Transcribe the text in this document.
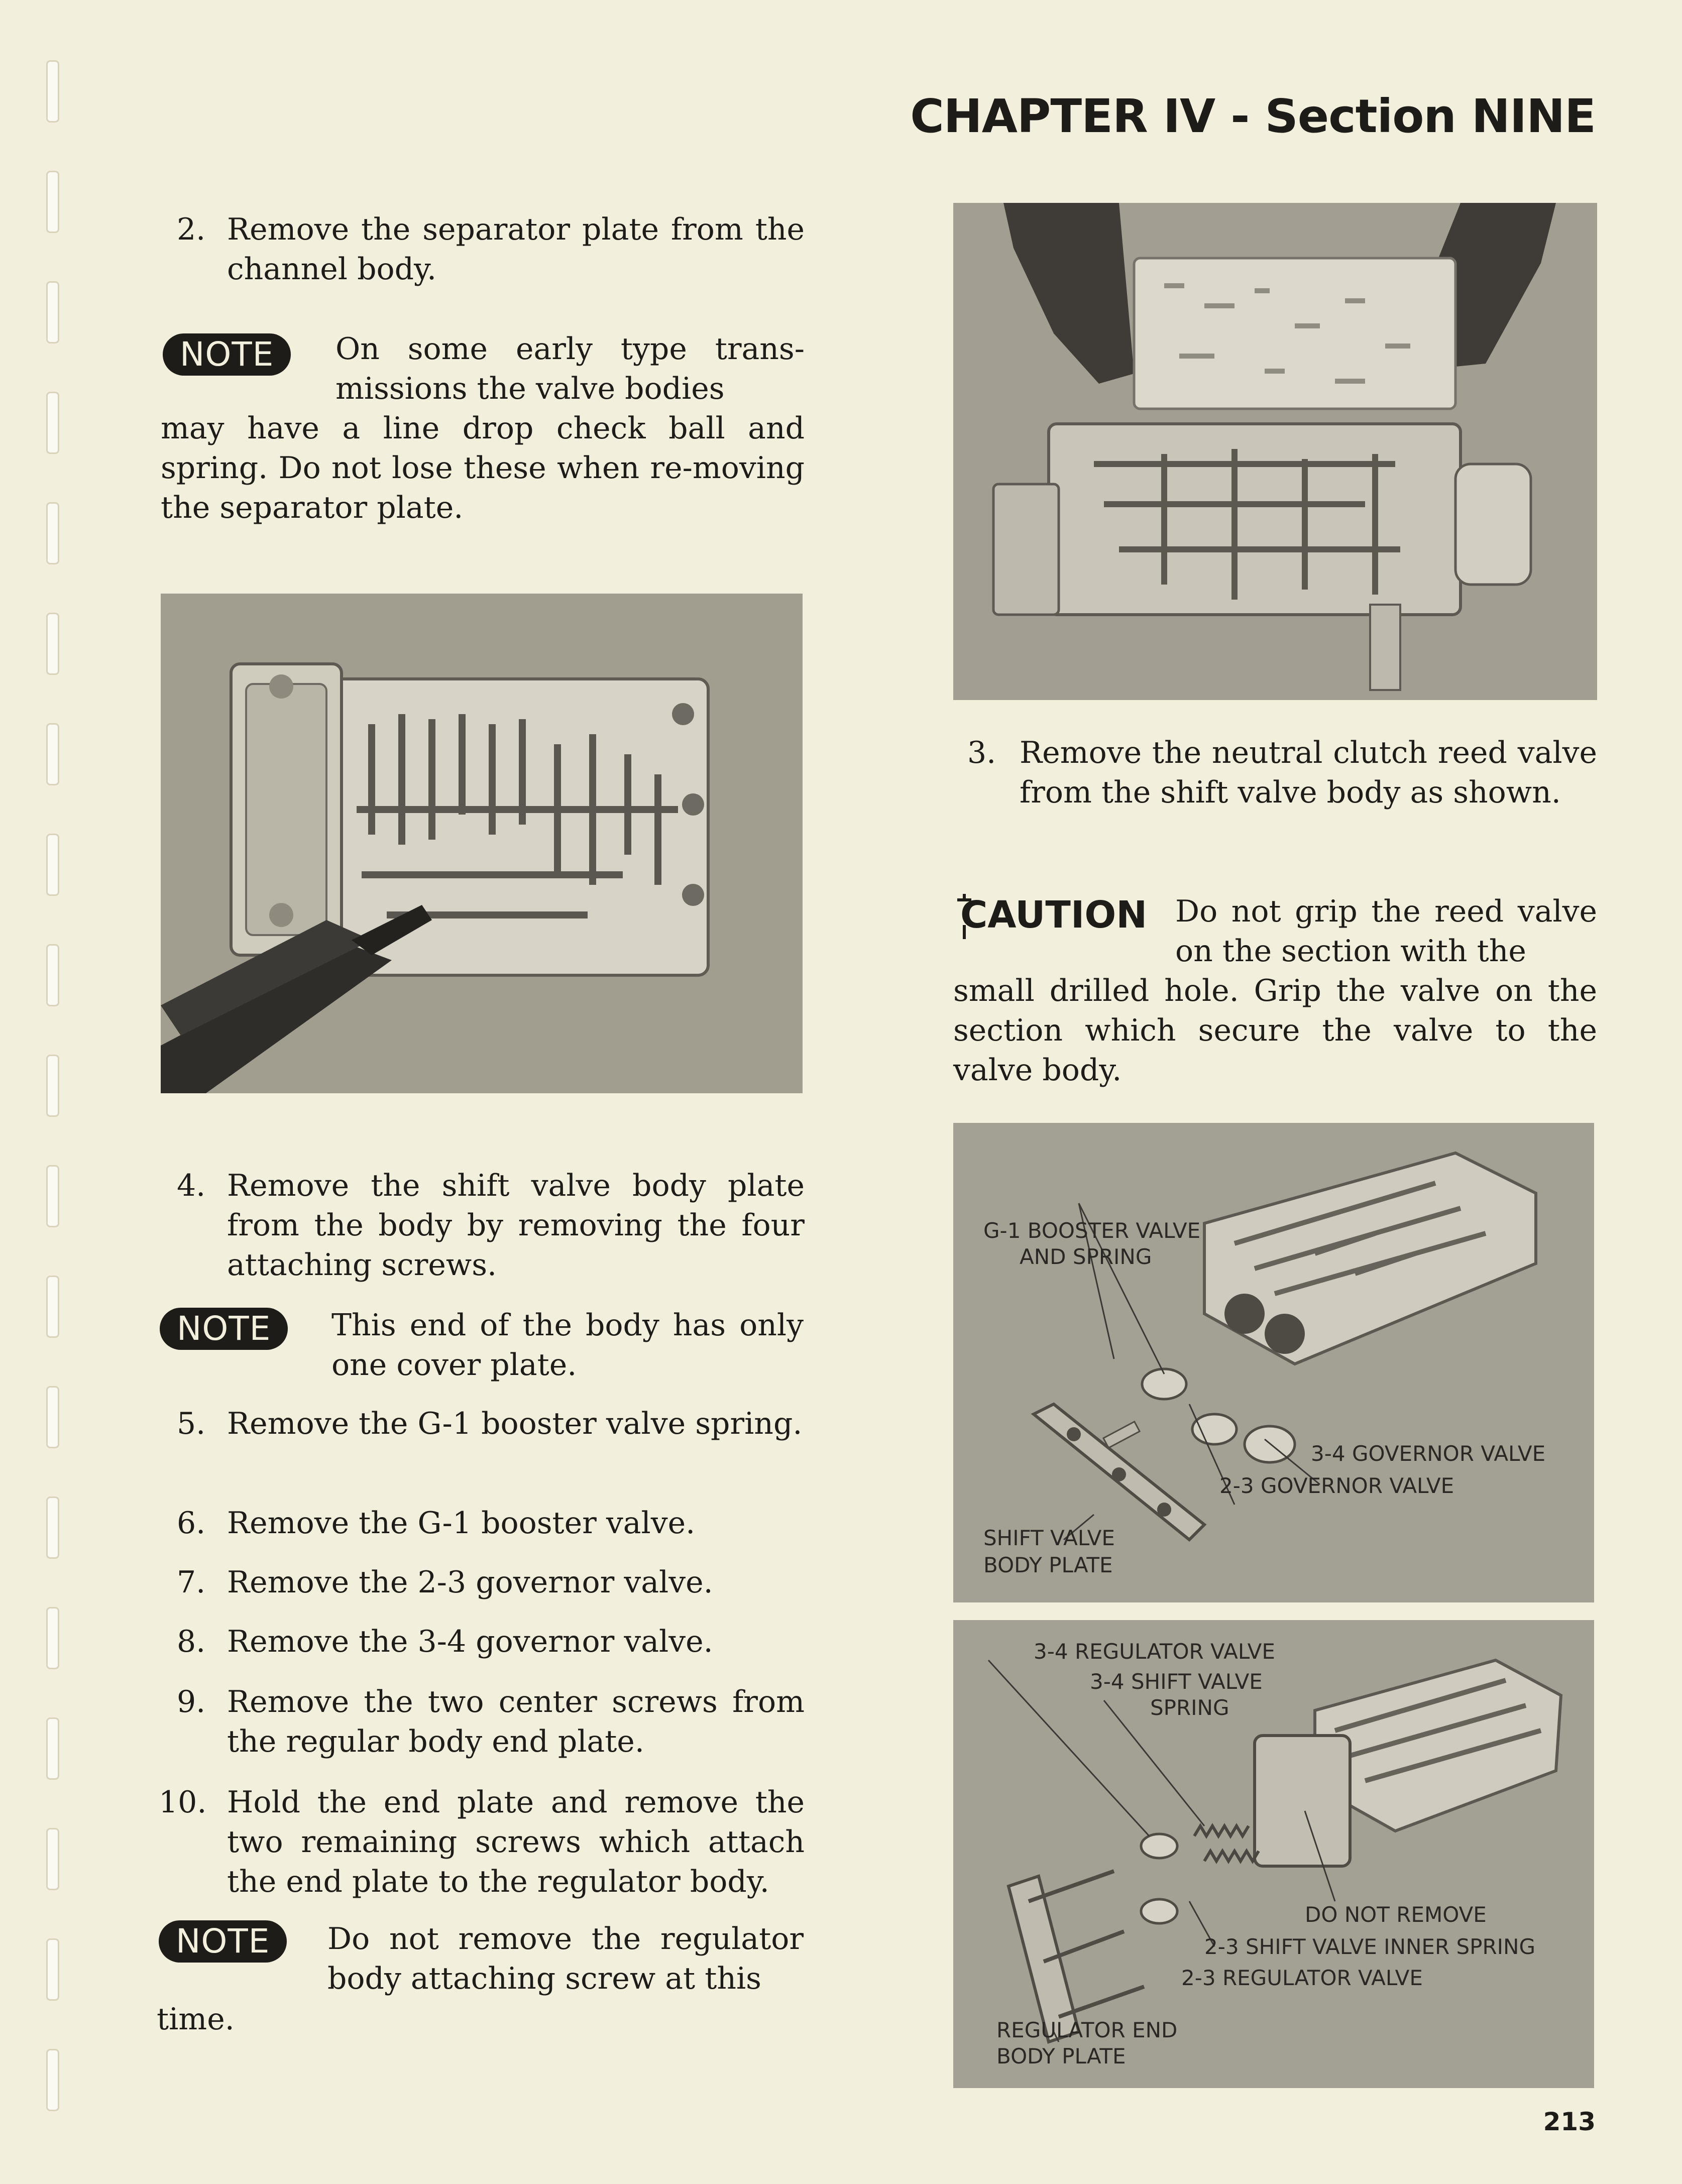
CHAPTER IV - Section NINE
2. Remove the separator plate from the channel body.
NOTE	On some early type trans-missions the valve bodies

may have a line drop check ball and spring. Do not lose these when re-moving the separator plate.

4. Remove the shift valve body plate from the body by removing the four attaching screws.
NOTE	This end of the body has only one cover plate.

5. Remove the G-1 booster valve spring.
6. Remove the G-1 booster valve.
7. Remove the 2-3 governor valve.
8. Remove the 3-4 governor valve.
9. Remove the two center screws from the regular body end plate.
10. Hold the end plate and remove the two remaining screws which attach the end plate to the regulator body.
NOTE	Do not remove the regulator body attaching screw at this

time.

3. Remove the neutral clutch reed valve from the shift valve body as shown.
CAUTION Do not grip the reed valve on the section with the

small drilled hole. Grip the valve on the section which secure the valve to the valve body.

G-1 BOOSTER VALVE
AND SPRING
3-4 GOVERNOR VALVE
2-3 GOVERNOR VALVE
SHIFT VALVE
BODY PLATE
3-4 REGULATOR VALVE
3-4 SHIFT VALVE
SPRING
DO NOT REMOVE
2-3 SHIFT VALVE INNER SPRING
2-3 REGULATOR VALVE
REGULATOR END
BODY PLATE
213
